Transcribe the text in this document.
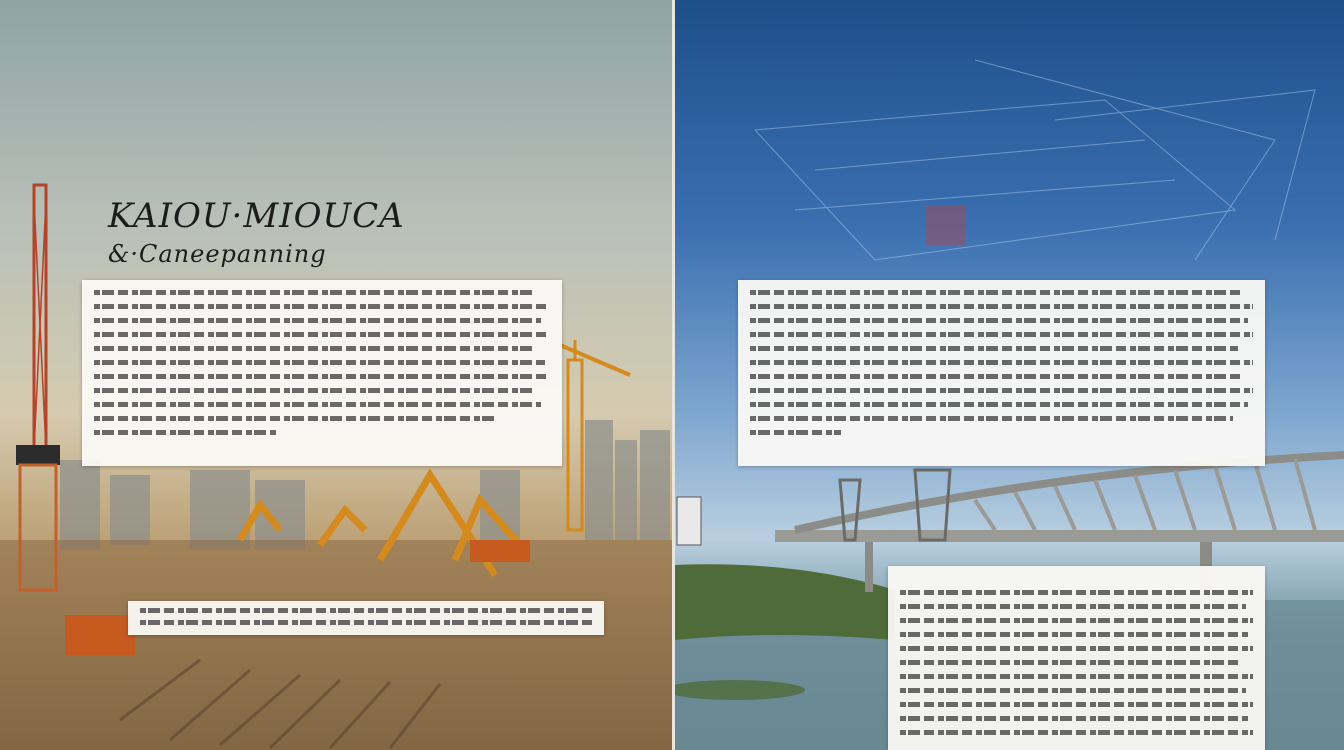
KAIOU·MIOUCA
&·Caneepanning
